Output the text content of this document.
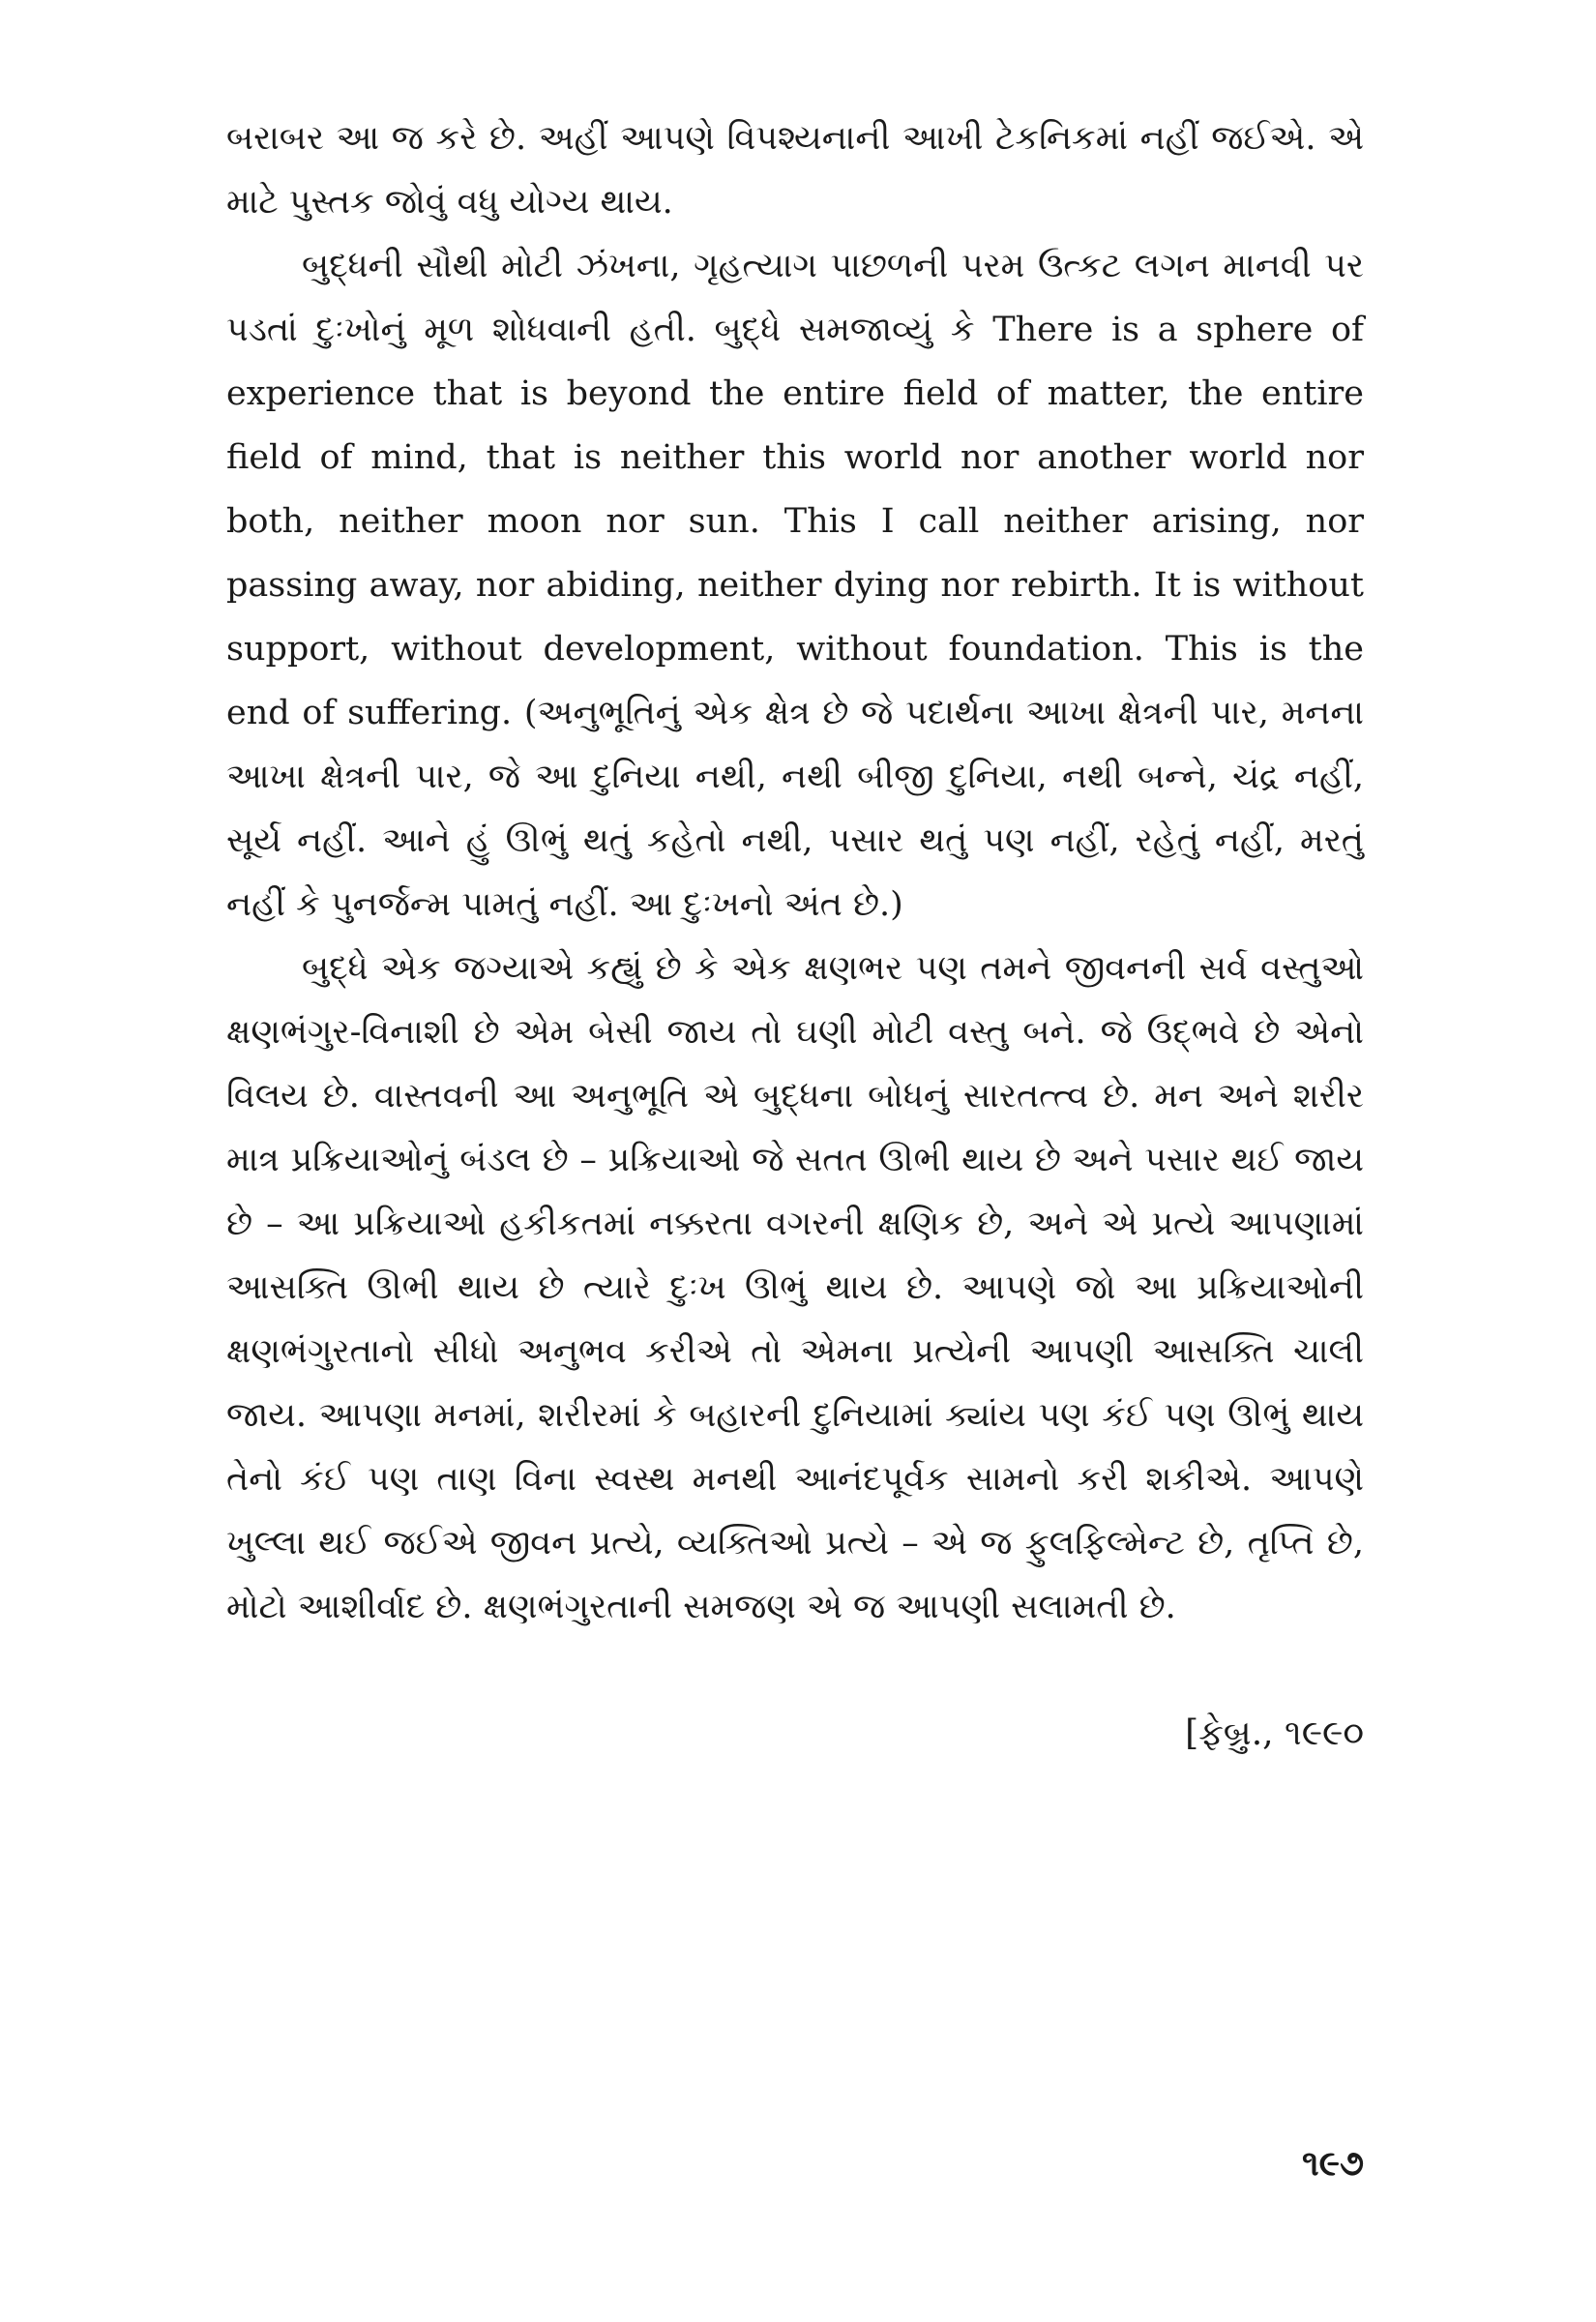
બરાબર આ જ કરે છે. અહીં આપણે વિપશ્યનાની આખી ટેકનિકમાં નહીં જઈએ. એ માટે પુસ્તક જોવું વધુ યોગ્ય થાય.

બુદ્ધની સૌથી મોટી ઝંખના, ગૃહત્યાગ પાછળની પરમ ઉત્કટ લગન માનવી પર પડતાં દુઃખોનું મૂળ શોધવાની હતી. બુદ્ધે સમજાવ્યું કે There is a sphere of experience that is beyond the entire field of matter, the entire field of mind, that is neither this world nor another world nor both, neither moon nor sun. This I call neither arising, nor passing away, nor abiding, neither dying nor rebirth. It is without support, without development, without foundation. This is the end of suffering. (અનુભૂતિનું એક ક્ષેત્ર છે જે પદાર્થના આખા ક્ષેત્રની પાર, મનના આખા ક્ષેત્રની પાર, જે આ દુનિયા નથી, નથી બીજી દુનિયા, નથી બન્ને, ચંદ્ર નહીં, સૂર્ય નહીં. આને હું ઊભું થતું કહેતો નથી, પસાર થતું પણ નહીં, રહેતું નહીં, મરતું નહીં કે પુનર્જન્મ પામતું નહીં. આ દુઃખનો અંત છે.)

બુદ્ધે એક જગ્યાએ કહ્યું છે કે એક ક્ષણભર પણ તમને જીવનની સર્વ વસ્તુઓ ક્ષણભંગુર-વિનાશી છે એમ બેસી જાય તો ઘણી મોટી વસ્તુ બને. જે ઉદ્ભવે છે એનો વિલય છે. વાસ્તવની આ અનુભૂતિ એ બુદ્ધના બોધનું સારતત્ત્વ છે. મન અને શરીર માત્ર પ્રક્રિયાઓનું બંડલ છે – પ્રક્રિયાઓ જે સતત ઊભી થાય છે અને પસાર થઈ જાય છે – આ પ્રક્રિયાઓ હકીકતમાં નક્કરતા વગરની ક્ષણિક છે, અને એ પ્રત્યે આપણામાં આસક્તિ ઊભી થાય છે ત્યારે દુઃખ ઊભું થાય છે. આપણે જો આ પ્રક્રિયાઓની ક્ષણભંગુરતાનો સીધો અનુભવ કરીએ તો એમના પ્રત્યેની આપણી આસક્તિ ચાલી જાય. આપણા મનમાં, શરીરમાં કે બહારની દુનિયામાં ક્યાંય પણ કંઈ પણ ઊભું થાય તેનો કંઈ પણ તાણ વિના સ્વસ્થ મનથી આનંદપૂર્વક સામનો કરી શકીએ. આપણે ખુલ્લા થઈ જઈએ જીવન પ્રત્યે, વ્યક્તિઓ પ્રત્યે – એ જ ફુલફિલ્મેન્ટ છે, તૃપ્તિ છે, મોટો આશીર્વાદ છે. ક્ષણભંગુરતાની સમજણ એ જ આપણી સલામતી છે.

[ફેબ્રુ., ૧૯૯૦
૧૯૭
